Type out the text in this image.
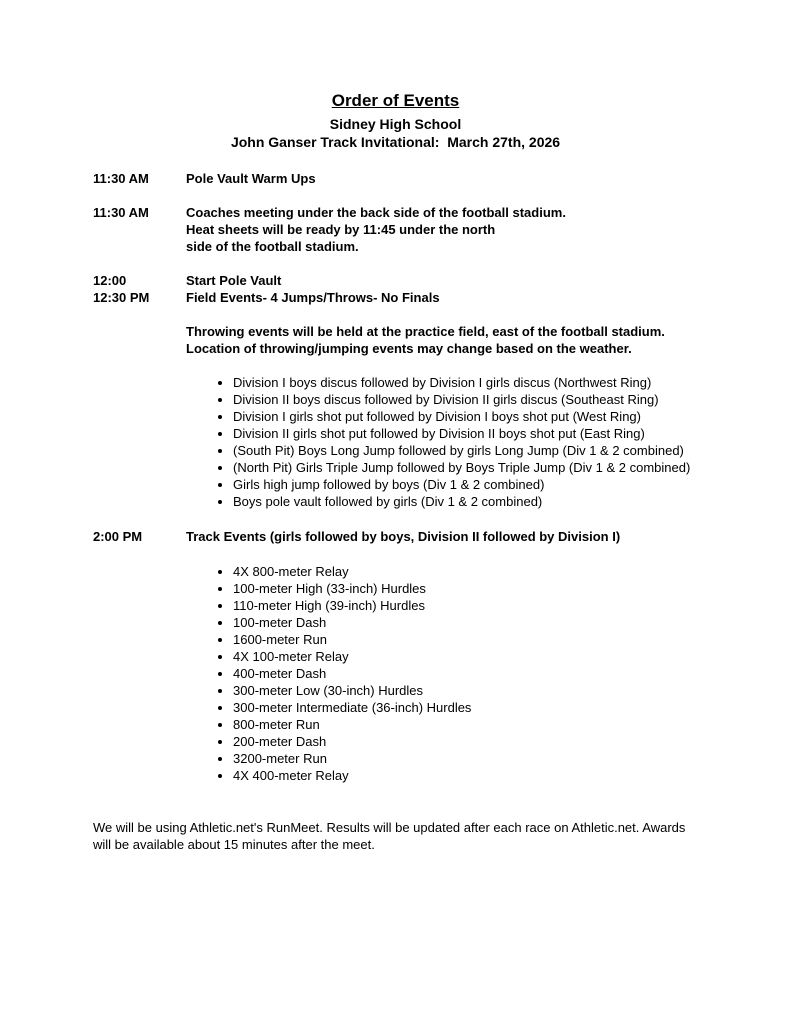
Order of Events
Sidney High School
John Ganser Track Invitational:  March 27th, 2026
11:30 AM	Pole Vault Warm Ups
11:30 AM	Coaches meeting under the back side of the football stadium.
Heat sheets will be ready by 11:45 under the north
side of the football stadium.
12:00	Start Pole Vault
12:30 PM	Field Events- 4 Jumps/Throws- No Finals
Throwing events will be held at the practice field, east of the football stadium.
Location of throwing/jumping events may change based on the weather.
• Division I boys discus followed by Division I girls discus (Northwest Ring)
• Division II boys discus followed by Division II girls discus (Southeast Ring)
• Division I girls shot put followed by Division I boys shot put (West Ring)
• Division II girls shot put followed by Division II boys shot put (East Ring)
• (South Pit) Boys Long Jump followed by girls Long Jump (Div 1 & 2 combined)
• (North Pit) Girls Triple Jump followed by Boys Triple Jump (Div 1 & 2 combined)
• Girls high jump followed by boys (Div 1 & 2 combined)
• Boys pole vault followed by girls (Div 1 & 2 combined)
2:00 PM	Track Events (girls followed by boys, Division II followed by Division I)
• 4X 800-meter Relay
• 100-meter High (33-inch) Hurdles
• 110-meter High (39-inch) Hurdles
• 100-meter Dash
• 1600-meter Run
• 4X 100-meter Relay
• 400-meter Dash
• 300-meter Low (30-inch) Hurdles
• 300-meter Intermediate (36-inch) Hurdles
• 800-meter Run
• 200-meter Dash
• 3200-meter Run
• 4X 400-meter Relay
We will be using Athletic.net's RunMeet. Results will be updated after each race on Athletic.net. Awards
will be available about 15 minutes after the meet.
